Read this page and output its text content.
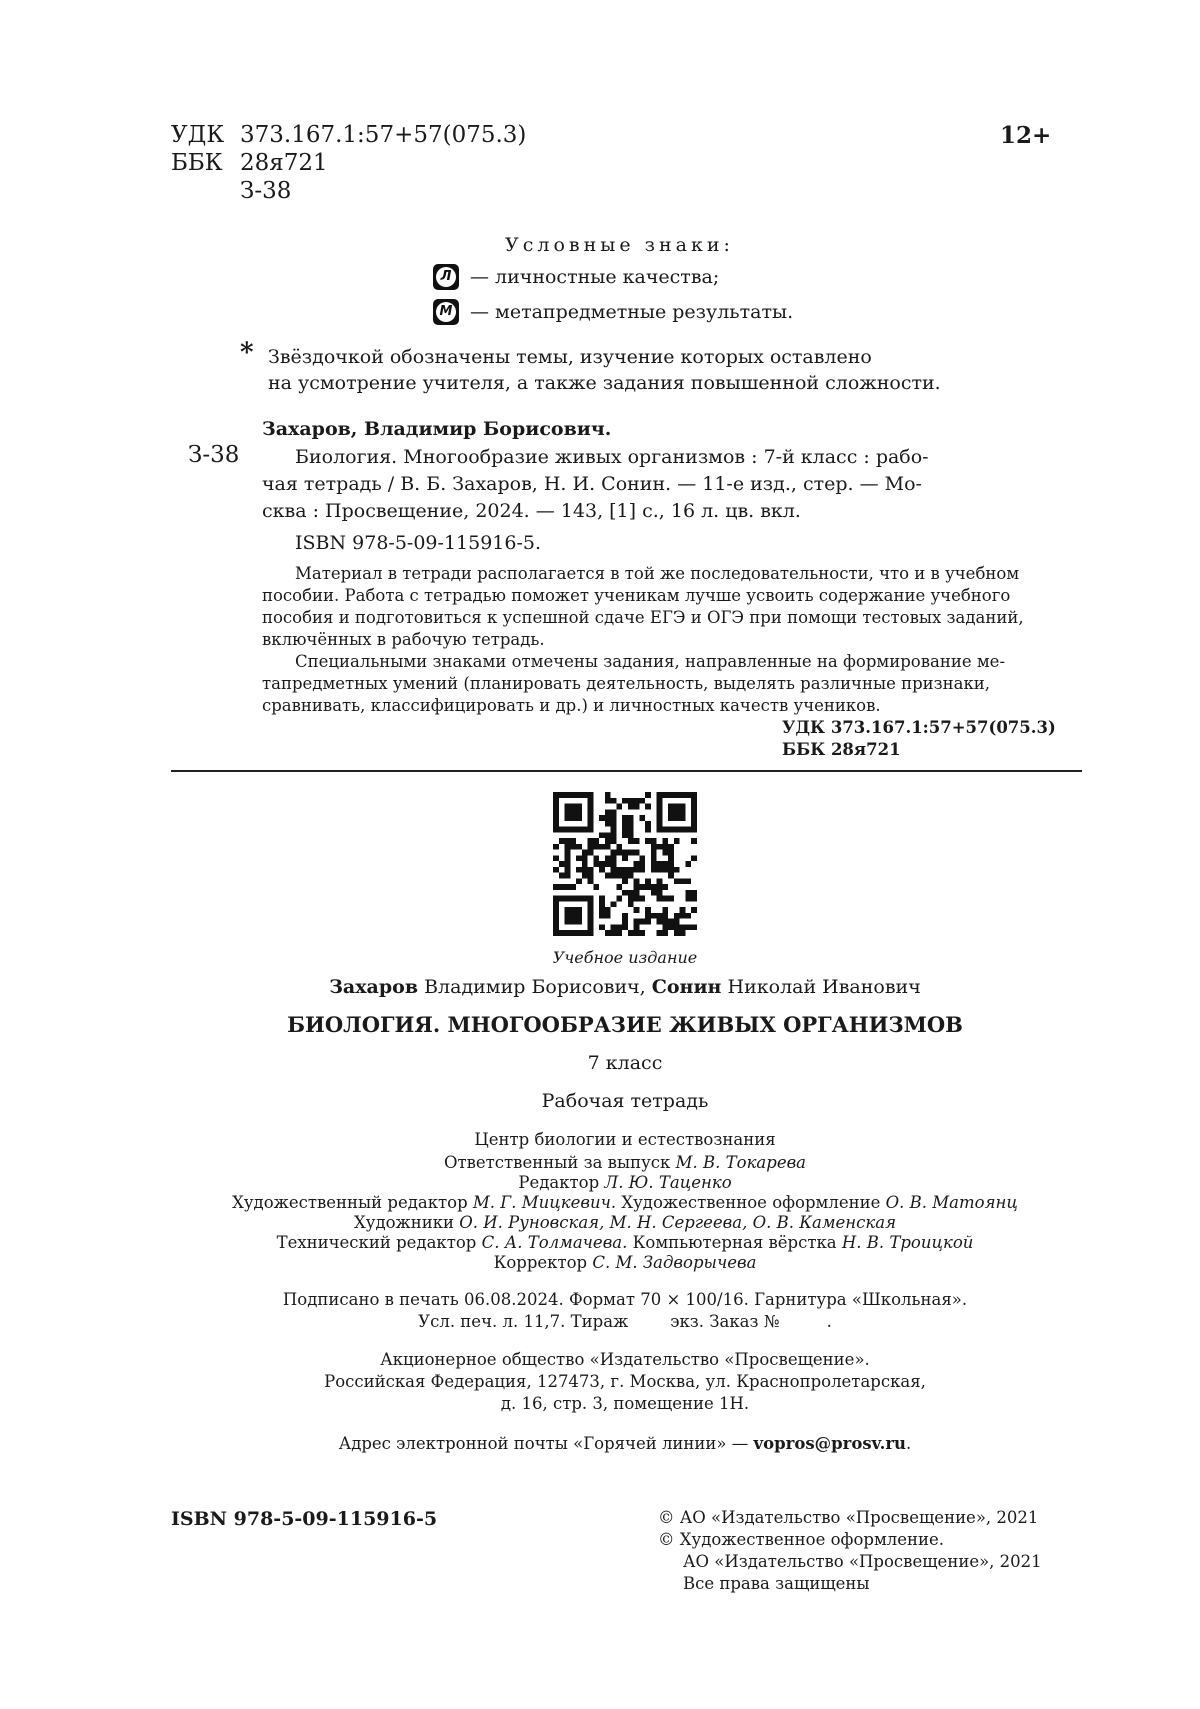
УДК 373.167.1:57+57(075.3)	12+
ББК 28я721
З-38
Условные знаки:
Л — личностные качества;
М — метапредметные результаты.
* Звёздочкой обозначены темы, изучение которых оставлено
на усмотрение учителя, а также задания повышенной сложности.
Захаров, Владимир Борисович.
З-38	Биология. Многообразие живых организмов : 7-й класс : рабо-
чая тетрадь / В. Б. Захаров, Н. И. Сонин. — 11-е изд., стер. — Мо-
сква : Просвещение, 2024. — 143, [1] с., 16 л. цв. вкл.
ISBN 978-5-09-115916-5.
Материал в тетради располагается в той же последовательности, что и в учебном
пособии. Работа с тетрадью поможет ученикам лучше усвоить содержание учебного
пособия и подготовиться к успешной сдаче ЕГЭ и ОГЭ при помощи тестовых заданий,
включённых в рабочую тетрадь.
Специальными знаками отмечены задания, направленные на формирование ме-
тапредметных умений (планировать деятельность, выделять различные признаки,
сравнивать, классифицировать и др.) и личностных качеств учеников.
УДК 373.167.1:57+57(075.3)
ББК 28я721
Учебное издание
Захаров Владимир Борисович, Сонин Николай Иванович
БИОЛОГИЯ. МНОГООБРАЗИЕ ЖИВЫХ ОРГАНИЗМОВ
7 класс
Рабочая тетрадь
Центр биологии и естествознания
Ответственный за выпуск М. В. Токарева
Редактор Л. Ю. Таценко
Художественный редактор М. Г. Мицкевич. Художественное оформление О. В. Матоянц
Художники О. И. Руновская, М. Н. Сергеева, О. В. Каменская
Технический редактор С. А. Толмачева. Компьютерная вёрстка Н. В. Троицкой
Корректор С. М. Задворычева
Подписано в печать 06.08.2024. Формат 70 × 100/16. Гарнитура «Школьная».
Усл. печ. л. 11,7. Тираж        экз. Заказ №         .
Акционерное общество «Издательство «Просвещение».
Российская Федерация, 127473, г. Москва, ул. Краснопролетарская,
д. 16, стр. 3, помещение 1Н.
Адрес электронной почты «Горячей линии» — vopros@prosv.ru.
ISBN 978-5-09-115916-5	© АО «Издательство «Просвещение», 2021
© Художественное оформление.
АО «Издательство «Просвещение», 2021
Все права защищены
